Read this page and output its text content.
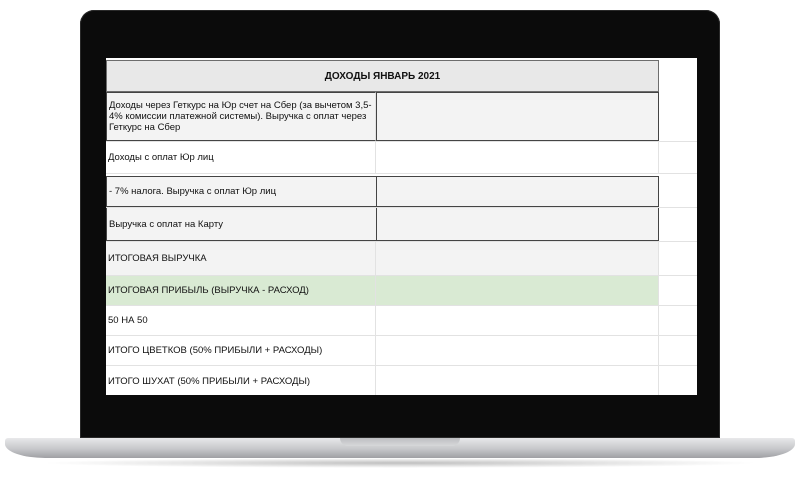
ДОХОДЫ ЯНВАРЬ 2021
Доходы через Геткурс на Юр счет на Сбер (за вычетом 3,5-4% комиссии платежной системы). Выручка с оплат через Геткурс на Сбер
Доходы с оплат Юр лиц
- 7% налога. Выручка с оплат Юр лиц
Выручка с оплат на Карту
ИТОГОВАЯ ВЫРУЧКА
ИТОГОВАЯ ПРИБЫЛЬ (ВЫРУЧКА - РАСХОД)
50 НА 50
ИТОГО ЦВЕТКОВ (50% ПРИБЫЛИ + РАСХОДЫ)
ИТОГО ШУХАТ (50% ПРИБЫЛИ + РАСХОДЫ)
